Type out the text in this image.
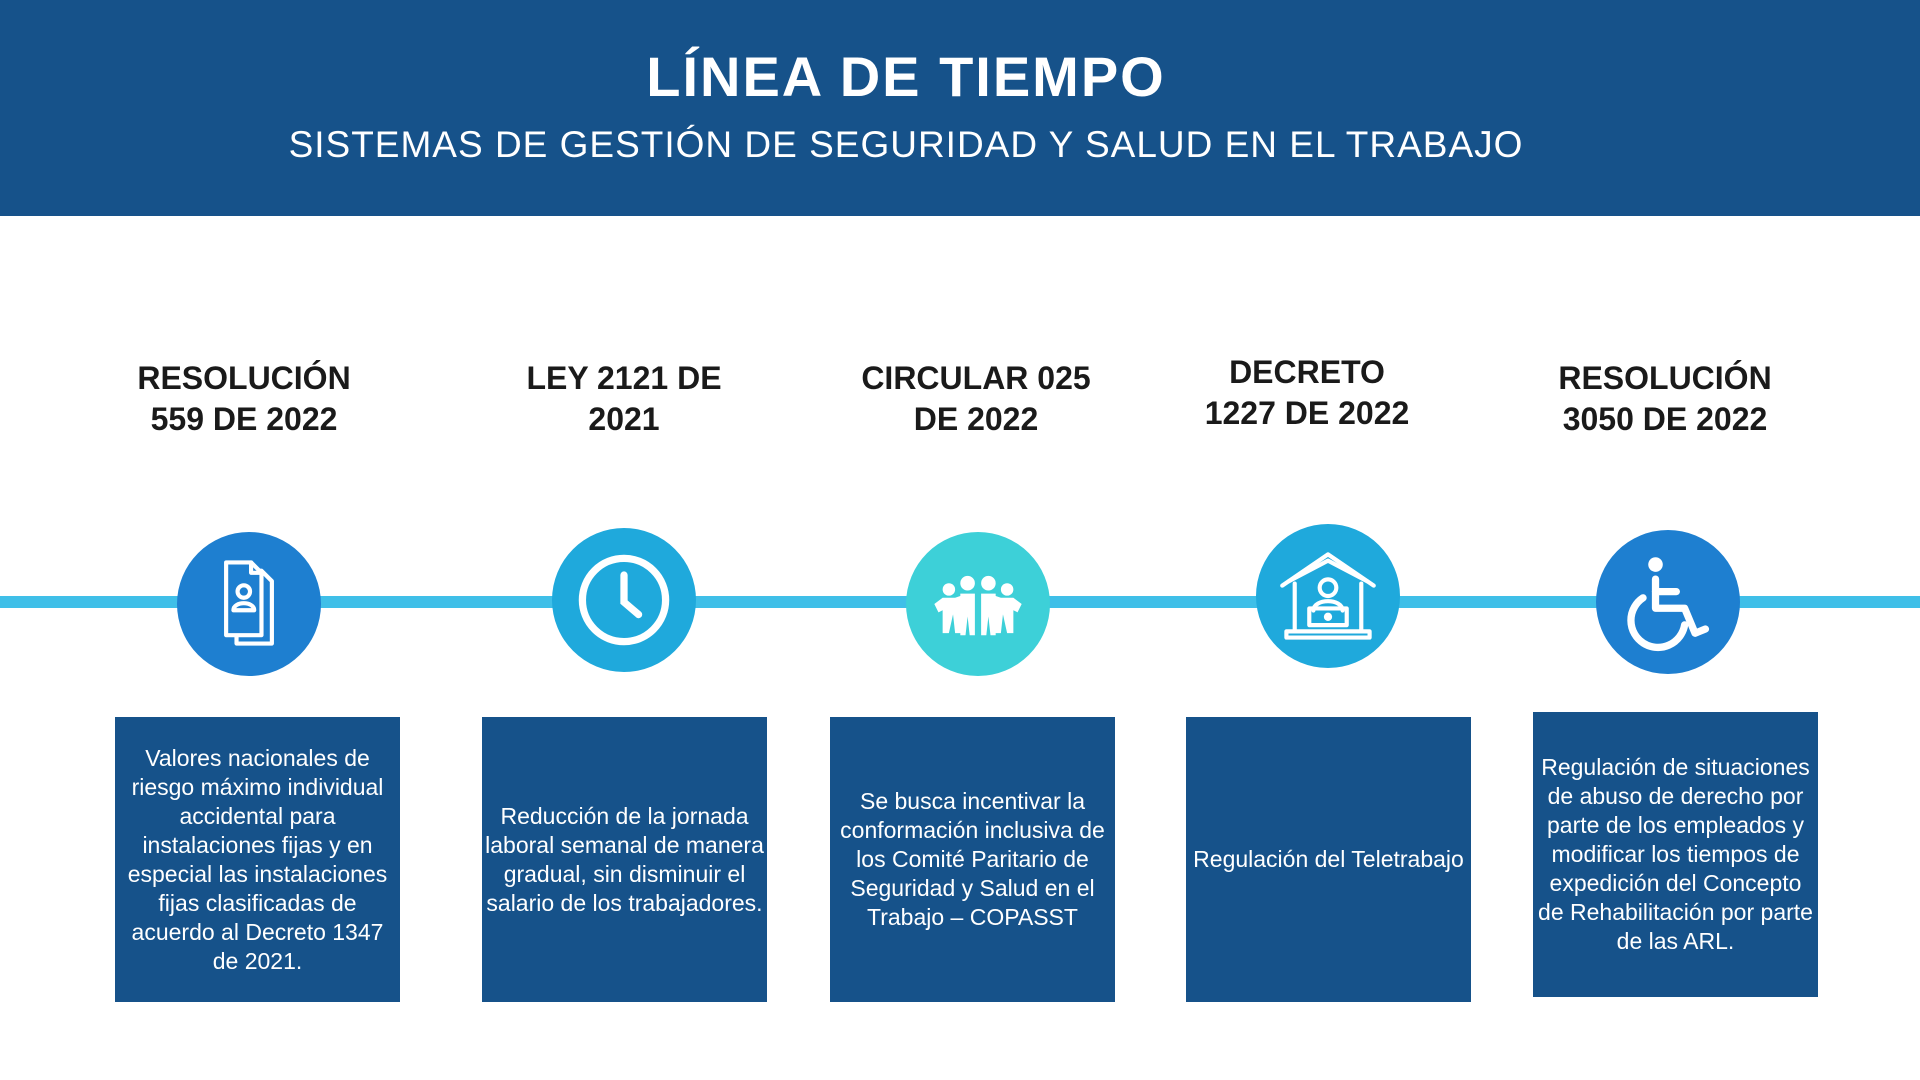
LÍNEA DE TIEMPO
SISTEMAS DE GESTIÓN DE SEGURIDAD Y SALUD EN EL TRABAJO
RESOLUCIÓN
559 DE 2022
Valores nacionales de riesgo máximo individual accidental para instalaciones fijas y en especial las instalaciones fijas clasificadas de acuerdo al Decreto 1347 de 2021.
LEY 2121 DE
2021
Reducción de la jornada laboral semanal de manera gradual, sin disminuir el salario de los trabajadores.
CIRCULAR 025
DE 2022
Se busca incentivar la conformación inclusiva de los Comité Paritario de Seguridad y Salud en el Trabajo – COPASST
DECRETO
1227 DE 2022
Regulación del Teletrabajo
RESOLUCIÓN
3050 DE 2022
Regulación de situaciones de abuso de derecho por parte de los empleados y modificar los tiempos de expedición del Concepto de Rehabilitación por parte de las ARL.
